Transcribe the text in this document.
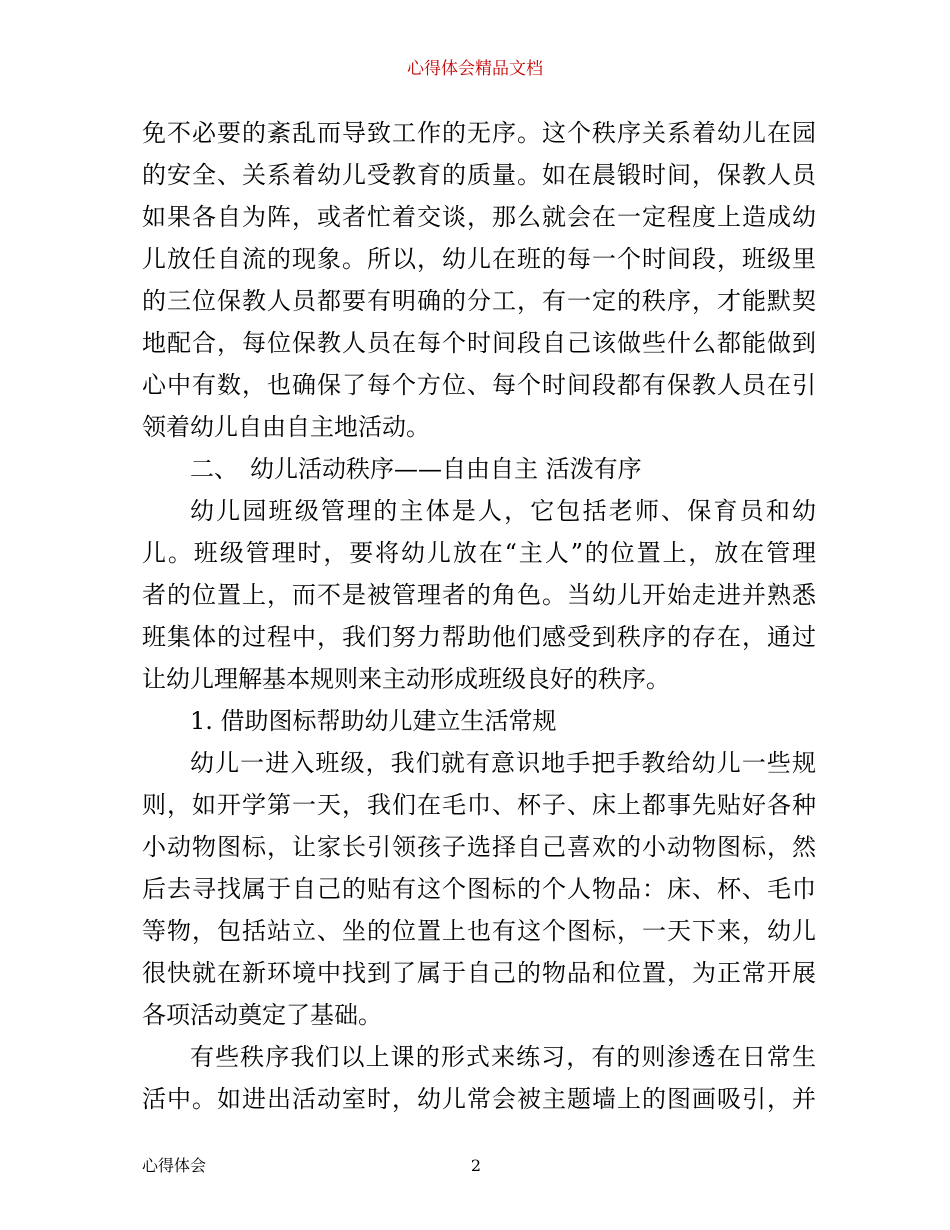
心得体会精品文档
免不必要的紊乱而导致工作的无序。这个秩序关系着幼儿在园
的安全、关系着幼儿受教育的质量。如在晨锻时间，保教人员
如果各自为阵，或者忙着交谈，那么就会在一定程度上造成幼
儿放任自流的现象。所以，幼儿在班的每一个时间段，班级里
的三位保教人员都要有明确的分工，有一定的秩序，才能默契
地配合，每位保教人员在每个时间段自己该做些什么都能做到
心中有数，也确保了每个方位、每个时间段都有保教人员在引
领着幼儿自由自主地活动。
二、　幼儿活动秩序——自由自主 活泼有序
幼儿园班级管理的主体是人，它包括老师、保育员和幼
儿。班级管理时，要将幼儿放在“主人”的位置上，放在管理
者的位置上，而不是被管理者的角色。当幼儿开始走进并熟悉
班集体的过程中，我们努力帮助他们感受到秩序的存在，通过
让幼儿理解基本规则来主动形成班级良好的秩序。
1. 借助图标帮助幼儿建立生活常规
幼儿一进入班级，我们就有意识地手把手教给幼儿一些规
则，如开学第一天，我们在毛巾、杯子、床上都事先贴好各种
小动物图标，让家长引领孩子选择自己喜欢的小动物图标，然
后去寻找属于自己的贴有这个图标的个人物品：床、杯、毛巾
等物，包括站立、坐的位置上也有这个图标，一天下来，幼儿
很快就在新环境中找到了属于自己的物品和位置，为正常开展
各项活动奠定了基础。
有些秩序我们以上课的形式来练习，有的则渗透在日常生
活中。如进出活动室时，幼儿常会被主题墙上的图画吸引，并
心得体会	2
